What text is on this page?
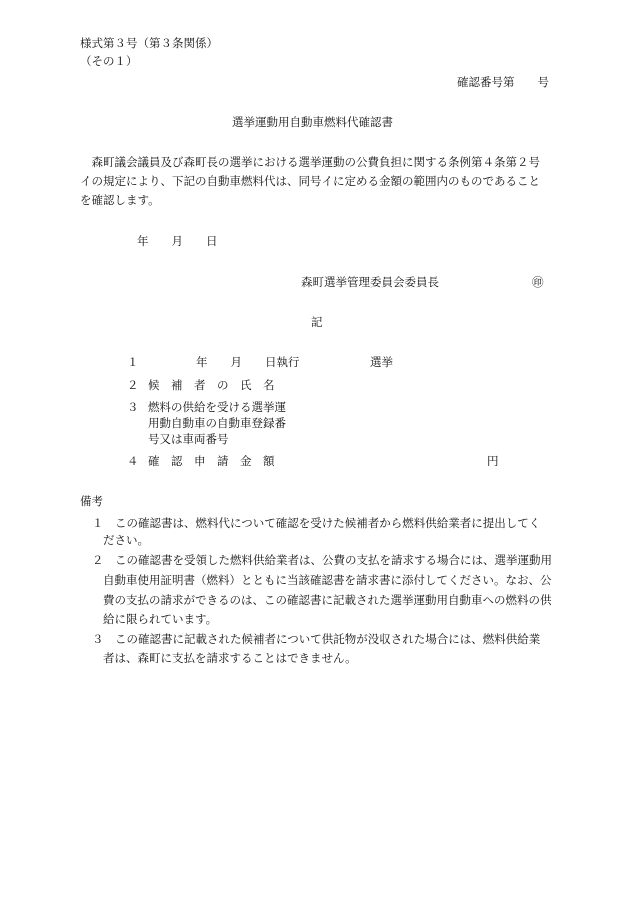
様式第３号（第３条関係）
（その１）
確認番号第　　号
選挙運動用自動車燃料代確認書
　森町議会議員及び森町長の選挙における選挙運動の公費負担に関する条例第４条第２号
イの規定により、下記の自動車燃料代は、同号イに定める金額の範囲内のものであること
を確認します。
年　　月　　日
森町選挙管理委員会委員長	㊞
記
１	年　　月　　日執行	選挙
２ 候　補　者　の　氏　名
３ 燃料の供給を受ける選挙運
用動自動車の自動車登録番
号又は車両番号
４ 確　認　申　請　金　額	円
備考
１　この確認書は、燃料代について確認を受けた候補者から燃料供給業者に提出してく
ださい。
２　この確認書を受領した燃料供給業者は、公費の支払を請求する場合には、選挙運動用
自動車使用証明書（燃料）とともに当該確認書を請求書に添付してください。なお、公
費の支払の請求ができるのは、この確認書に記載された選挙運動用自動車への燃料の供
給に限られています。
３　この確認書に記載された候補者について供託物が没収された場合には、燃料供給業
者は、森町に支払を請求することはできません。
